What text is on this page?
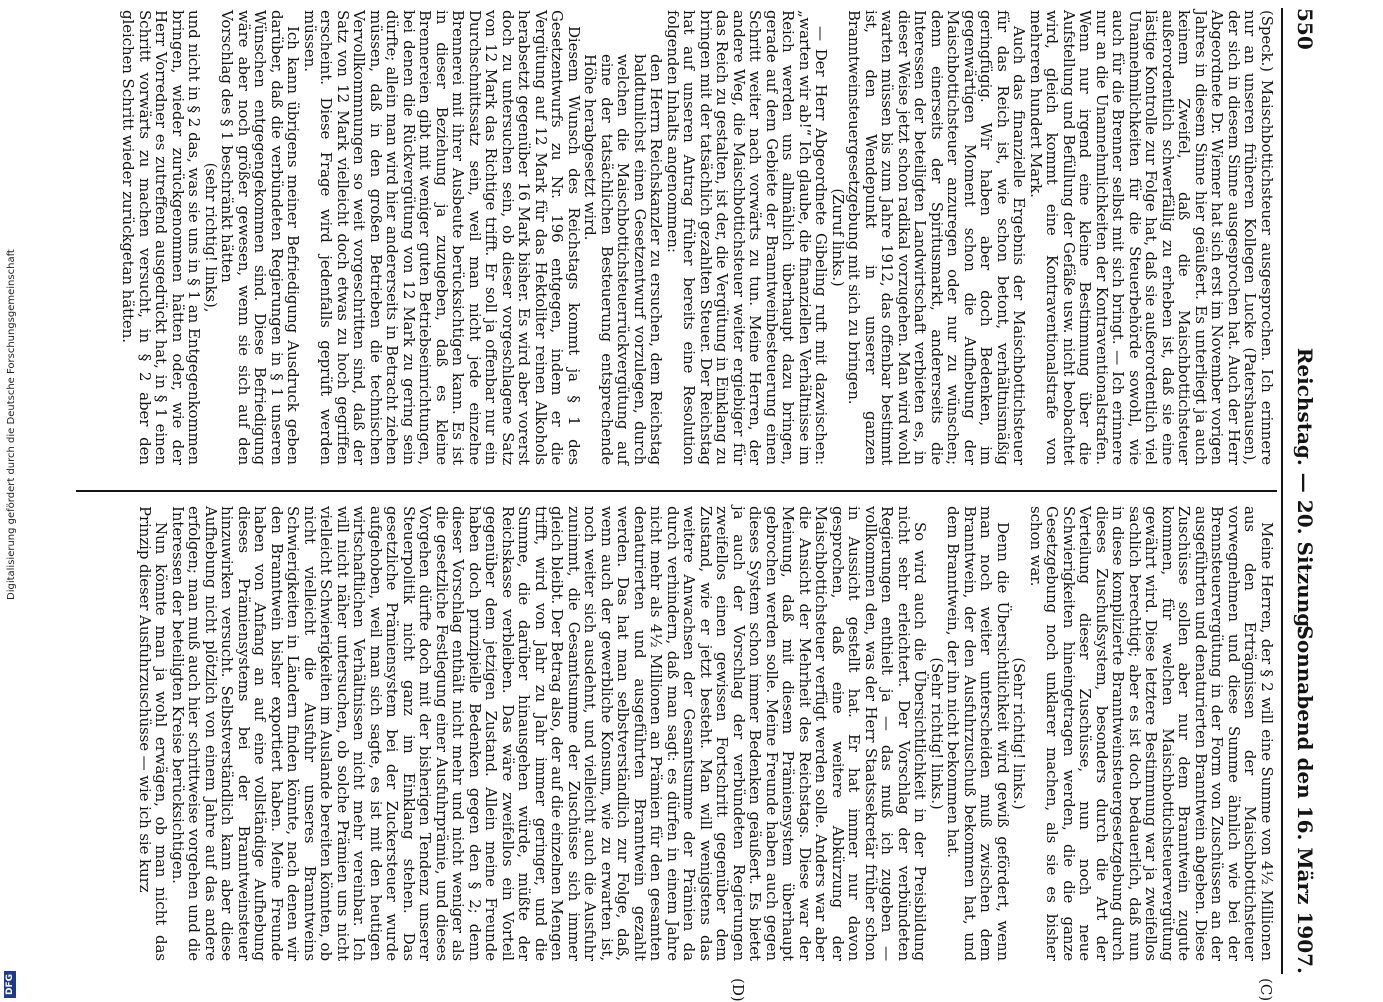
550
Reichstag. — 20. Sitzung.
Sonnabend den 16. März 1907.
(C)
(D)

(Speck.) Maischbottichsteuer ausgesprochen. Ich erinnere nur an unseren früheren Kollegen Lucke (Patershausen), der sich in diesem Sinne ausgesprochen hat. Auch der Herr Abgeordnete Dr. Wiemer hat sich erst im November vorigen Jahres in diesem Sinne hier geäußert. Es unterliegt ja auch keinem Zweifel, daß die Maischbottichsteuer außerordentlich schwerfällig zu erheben ist, daß sie eine lästige Kontrolle zur Folge hat, daß sie außerordentlich viel Unannehmlichkeiten für die Steuerbehörde sowohl, wie auch für die Brenner selbst mit sich bringt. — Ich erinnere nur an die Unannehmlichkeiten der Kontraventionalstrafen. Wenn nur irgend eine kleine Bestimmung über die Aufstellung und Befüllung der Gefäße usw. nicht beobachtet wird, gleich kommt eine Kontraventionalstrafe von mehreren hundert Mark.

Auch das finanzielle Ergebnis der Maischbottichsteuer für das Reich ist, wie schon betont, verhältnismäßig geringfügig. Wir haben aber doch Bedenken, im gegenwärtigen Moment schon die Aufhebung der Maischbottichsteuer anzuregen oder nur zu wünschen; denn einerseits der Spiritusmarkt, andererseits die Interessen der beteiligten Landwirtschaft verbieten es, in dieser Weise jetzt schon radikal vorzugehen. Man wird wohl warten müssen bis zum Jahre 1912, das offenbar bestimmt ist, den Wendepunkt in unserer ganzen Branntweinsteuergesetzgebung mit sich zu bringen.

(Zuruf links.)

— Der Herr Abgeordnete Gibeling ruft mit dazwischen: „warten wir ab!“ Ich glaube, die finanziellen Verhältnisse im Reich werden uns allmählich überhaupt dazu bringen, gerade auf dem Gebiete der Branntweinbesteuerung einen Schritt weiter nach vorwärts zu tun. Meine Herren, der andere Weg, die Maischbottichsteuer weiter ergiebiger für das Reich zu gestalten, ist der, die Vergütung in Einklang zu bringen mit der tatsächlich gezahlten Steuer. Der Reichstag hat auf unseren Antrag früher bereits eine Resolution folgenden Inhalts angenommen:

den Herrn Reichskanzler zu ersuchen, dem Reichstag baldtunlichst einen Gesetzentwurf vorzulegen, durch welchen die Maischbottichsteuerrückvergütung auf eine der tatsächlichen Besteuerung entsprechende Höhe herabgesetzt wird.

Diesem Wunsch des Reichstags kommt ja § 1 des Gesetzentwurfs zu Nr. 196 entgegen, indem er die Vergütung auf 12 Mark für das Hektoliter reinen Alkohols herabsetzt gegenüber 16 Mark bisher. Es wird aber vorerst doch zu untersuchen sein, ob dieser vorgeschlagene Satz von 12 Mark das Richtige trifft. Er soll ja offenbar nur ein Durchschnittssatz sein, weil man nicht jede einzelne Brennerei mit ihrer Ausbeute berücksichtigen kann. Es ist in dieser Beziehung ja zuzugeben, daß es kleine Brennereien gibt mit weniger guten Betriebseinrichtungen, bei denen die Rückvergütung von 12 Mark zu gering sein dürfte; allein man wird hier andererseits in Betracht ziehen müssen, daß in den großen Betrieben die technischen Vervollkommnungen so weit vorgeschritten sind, daß der Satz von 12 Mark vielleicht doch etwas zu hoch gegriffen erscheint. Diese Frage wird jedenfalls geprüft werden müssen.

Ich kann übrigens meiner Befriedigung Ausdruck geben darüber, daß die verbündeten Regierungen in § 1 unseren Wünschen entgegengekommen sind. Diese Befriedigung wäre aber noch größer gewesen, wenn sie sich auf den Vorschlag des § 1 beschränkt hätten

(sehr richtig! links),

und nicht in § 2 das, was sie uns in § 1 an Entgegenkommen bringen, wieder zurückgenommen hätten oder, wie der Herr Vorredner es zutreffend ausgedrückt hat, in § 1 einen Schritt vorwärts zu machen versucht, in § 2 aber den gleichen Schritt wieder zurückgetan hätten.

Meine Herren, der § 2 will eine Summe von 4½ Millionen aus den Erträgnissen der Maischbottichsteuer vorwegnehmen und diese Summe ähnlich wie bei der Brennsteuervergütung in der Form von Zuschüssen an der ausgeführten und denaturierten Branntwein abgeben. Diese Zuschüsse sollen aber nur dem Branntwein zugute kommen, für welchen Maischbottichsteuervergütung gewährt wird. Diese letztere Bestimmung war ja zweifellos sachlich berechtigt; aber es ist doch bedauerlich, daß nun in diese komplizierte Branntweinsteuergesetzgebung durch dieses Zuschußsystem, besonders durch die Art der Verteilung dieser Zuschüsse, nun noch neue Schwierigkeiten hineingetragen werden, die die ganze Gesetzgebung noch unklarer machen, als sie es bisher schon war.

(Sehr richtig! links.)

Denn die Übersichtlichkeit wird gewiß gefördert, wenn man noch weiter unterscheiden muß zwischen dem Branntwein, der den Ausfuhrzuschuß bekommen hat, und dem Branntwein, der ihn nicht bekommen hat.

(Sehr richtig! links.)

So wird auch die Übersichtlichkeit in der Preisbildung nicht sehr erleichtert. Der Vorschlag der verbündeten Regierungen enthielt ja — das muß ich zugeben — vollkommen den, was der Herr Staatssekretär früher schon in Aussicht gestellt hat. Er hat immer nur davon gesprochen, daß eine weitere Abkürzung der Maischbottichsteuer verfügt werden solle. Anders war aber die Ansicht der Mehrheit des Reichstags. Diese war der Meinung, daß mit diesem Prämiensystem überhaupt gebrochen werden solle. Meine Freunde haben auch gegen dieses System schon immer Bedenken geäußert. Es bietet ja auch der Vorschlag der verbündeten Regierungen zweifellos einen gewissen Fortschritt gegenüber dem Zustand, wie er jetzt besteht. Man will wenigstens das weitere Anwachsen der Gesamtsumme der Prämien da durch verhindern, daß man sagt: es dürfen in einem Jahre nicht mehr als 4½ Millionen an Prämien für den gesamten denaturierten und ausgeführten Branntwein gezahlt werden. Das hat man selbstverständlich zur Folge, daß, wenn auch der gewerbliche Konsum, wie zu erwarten ist, noch weiter sich ausdehnt, und vielleicht auch die Ausfuhr zunimmt, die Gesamtsumme der Zuschüsse sich immer gleich bleibt. Der Betrag also, der auf die einzelnen Mengen trifft, wird von Jahr zu Jahr immer geringer, und die Summe, die darüber hinausgehen würde, müßte der Reichskasse verbleiben. Das wäre zweifellos ein Vorteil gegenüber dem jetzigen Zustand. Allein meine Freunde haben doch prinzipielle Bedenken gegen den § 2; denn dieser Vorschlag enthält nicht mehr und nicht weniger als die gesetzliche Festlegung einer Ausfuhrprämie, und dieses Vorgehen dürfte doch mit der bisherigen Tendenz unserer Steuerpolitik nicht ganz im Einklang stehen. Das gesetzliche Prämiensystem bei der Zuckersteuer wurde aufgehoben, weil man sich sagte, es ist mit den heutigen wirtschaftlichen Verhältnissen nicht mehr vereinbar. Ich will nicht näher untersuchen, ob solche Prämien uns nicht vielleicht Schwierigkeiten im Auslande bereiten könnten, ob nicht vielleicht die Ausfuhr unseres Branntweins Schwierigkeiten in Ländern finden könnte, nach denen wir den Branntwein bisher exportiert haben. Meine Freunde haben von Anfang an auf eine vollständige Aufhebung dieses Prämiensystems bei der Branntweinsteuer hinzuwirken versucht. Selbstverständlich kann aber diese Aufhebung nicht plötzlich von einem Jahre auf das andere erfolgen; man muß auch hier schrittweise vorgehen und die Interessen der beteiligten Kreise berücksichtigen.

Nun könnte man ja wohl erwägen, ob man nicht das Prinzip dieser Ausfuhrzuschüsse — wie ich sie kurz

Digitalisierung gefördert durch die Deutsche Forschungsgemeinschaft
DFG
